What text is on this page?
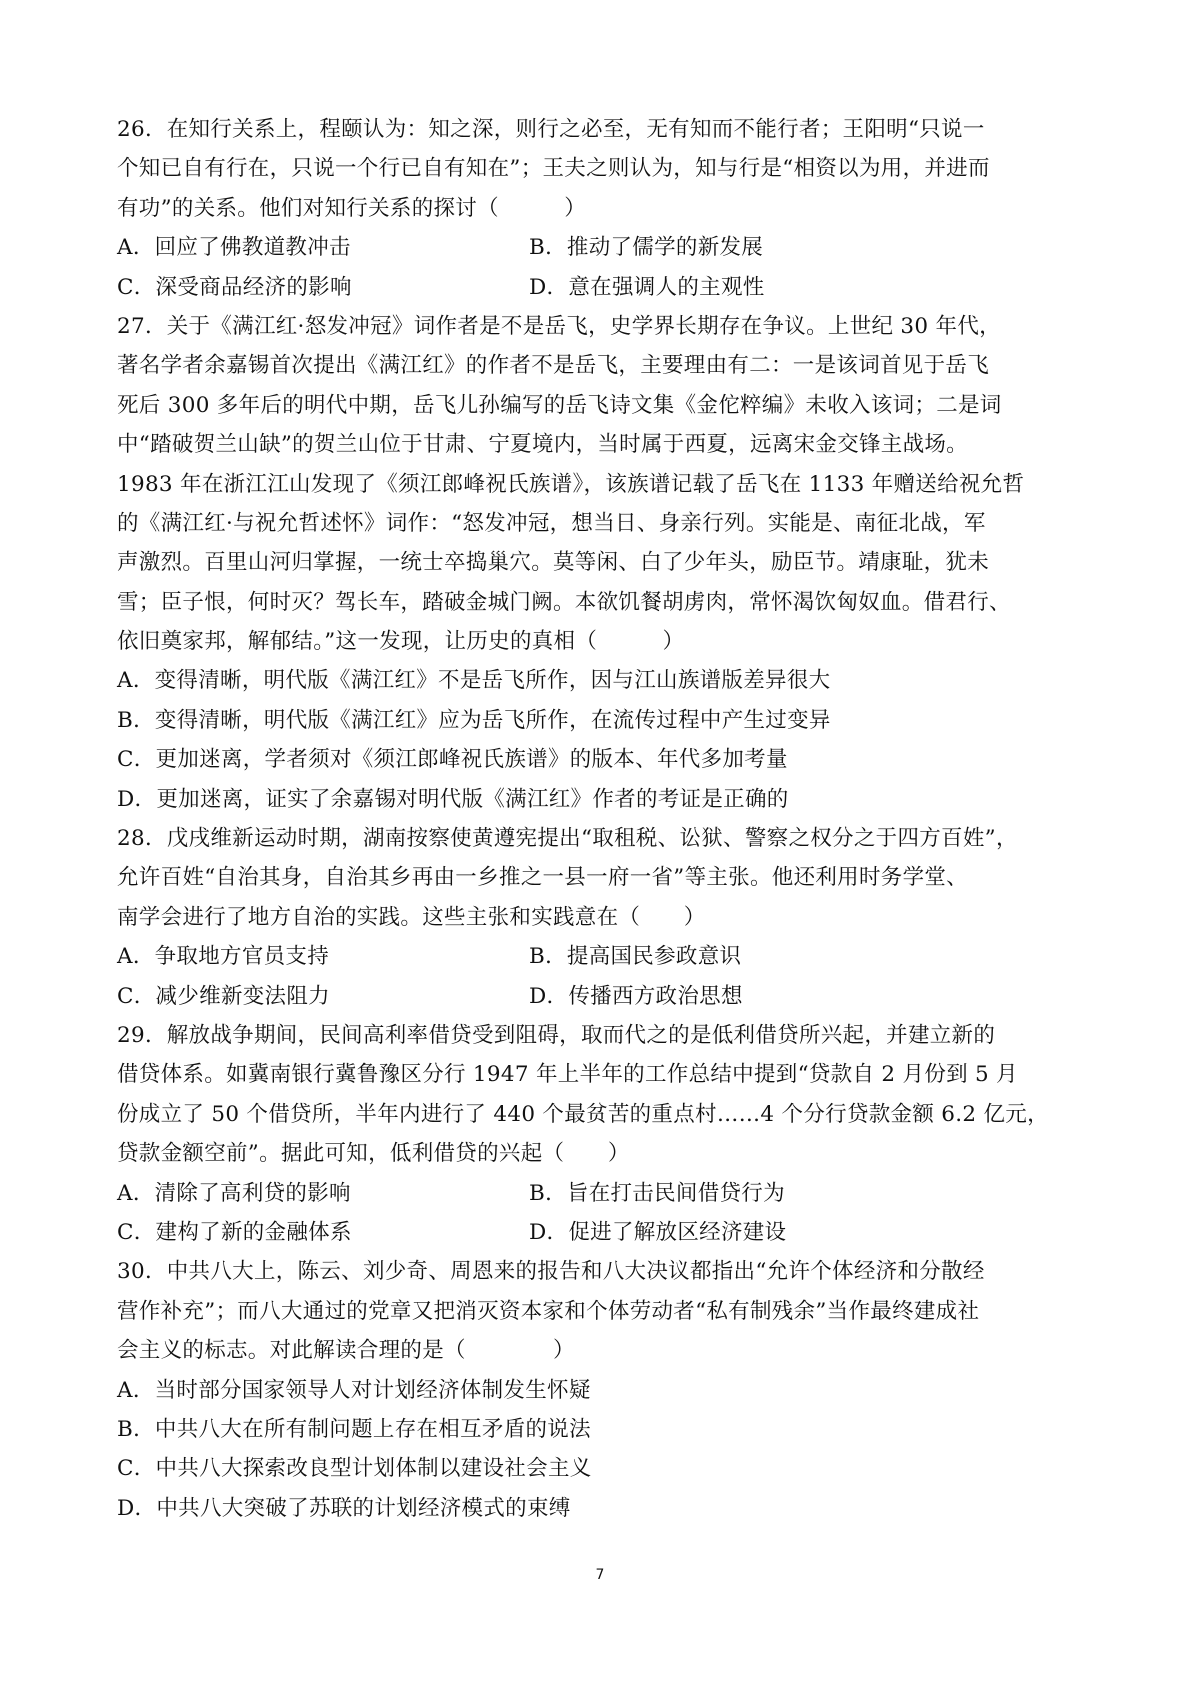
26．在知行关系上，程颐认为：知之深，则行之必至，无有知而不能行者；王阳明“只说一
个知已自有行在，只说一个行已自有知在”；王夫之则认为，知与行是“相资以为用，并进而
有功”的关系。他们对知行关系的探讨（　　　）
A．回应了佛教道教冲击	B．推动了儒学的新发展
C．深受商品经济的影响	D．意在强调人的主观性
27．关于《满江红·怒发冲冠》词作者是不是岳飞，史学界长期存在争议。上世纪 30 年代，
著名学者余嘉锡首次提出《满江红》的作者不是岳飞，主要理由有二：一是该词首见于岳飞
死后 300 多年后的明代中期，岳飞儿孙编写的岳飞诗文集《金佗粹编》未收入该词；二是词
中“踏破贺兰山缺”的贺兰山位于甘肃、宁夏境内，当时属于西夏，远离宋金交锋主战场。
1983 年在浙江江山发现了《须江郎峰祝氏族谱》，该族谱记载了岳飞在 1133 年赠送给祝允哲
的《满江红·与祝允哲述怀》词作：“怒发冲冠，想当日、身亲行列。实能是、南征北战，军
声激烈。百里山河归掌握，一统士卒捣巢穴。莫等闲、白了少年头，励臣节。靖康耻，犹未
雪；臣子恨，何时灭？驾长车，踏破金城门阙。本欲饥餐胡虏肉，常怀渴饮匈奴血。借君行、
依旧奠家邦，解郁结。”这一发现，让历史的真相（　　　）
A．变得清晰，明代版《满江红》不是岳飞所作，因与江山族谱版差异很大
B．变得清晰，明代版《满江红》应为岳飞所作，在流传过程中产生过变异
C．更加迷离，学者须对《须江郎峰祝氏族谱》的版本、年代多加考量
D．更加迷离，证实了余嘉锡对明代版《满江红》作者的考证是正确的
28．戊戌维新运动时期，湖南按察使黄遵宪提出“取租税、讼狱、警察之权分之于四方百姓”，
允许百姓“自治其身，自治其乡再由一乡推之一县一府一省”等主张。他还利用时务学堂、
南学会进行了地方自治的实践。这些主张和实践意在（　　）
A．争取地方官员支持	B．提高国民参政意识
C．减少维新变法阻力	D．传播西方政治思想
29．解放战争期间，民间高利率借贷受到阻碍，取而代之的是低利借贷所兴起，并建立新的
借贷体系。如冀南银行冀鲁豫区分行 1947 年上半年的工作总结中提到“贷款自 2 月份到 5 月
份成立了 50 个借贷所，半年内进行了 440 个最贫苦的重点村……4 个分行贷款金额 6.2 亿元，
贷款金额空前”。据此可知，低利借贷的兴起（　　）
A．清除了高利贷的影响	B．旨在打击民间借贷行为
C．建构了新的金融体系	D．促进了解放区经济建设
30．中共八大上，陈云、刘少奇、周恩来的报告和八大决议都指出“允许个体经济和分散经
营作补充”；而八大通过的党章又把消灭资本家和个体劳动者“私有制残余”当作最终建成社
会主义的标志。对此解读合理的是（　　　　）
A．当时部分国家领导人对计划经济体制发生怀疑
B．中共八大在所有制问题上存在相互矛盾的说法
C．中共八大探索改良型计划体制以建设社会主义
D．中共八大突破了苏联的计划经济模式的束缚
7
